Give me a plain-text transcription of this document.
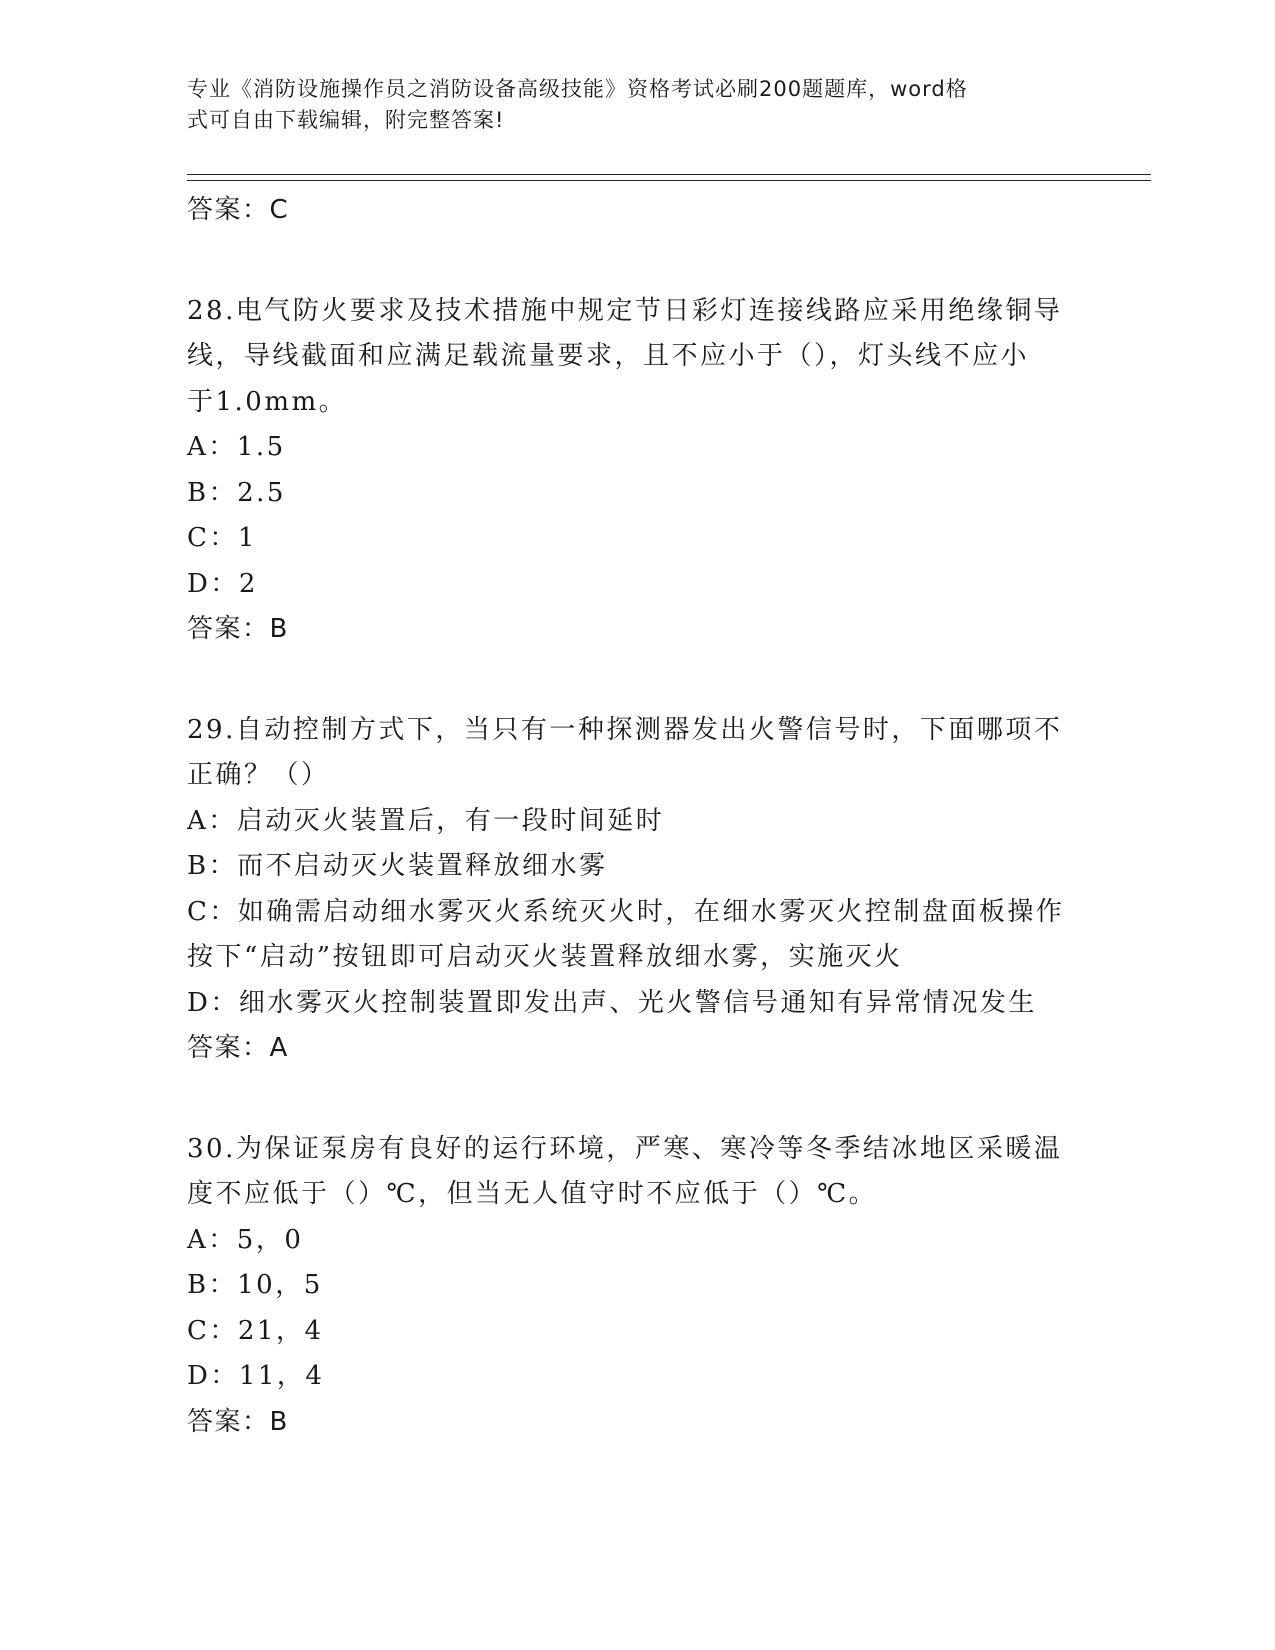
专业《消防设施操作员之消防设备高级技能》资格考试必刷200题题库，word格
式可自由下载编辑，附完整答案!
答案：C
28.电气防火要求及技术措施中规定节日彩灯连接线路应采用绝缘铜导
线，导线截面和应满足载流量要求，且不应小于（），灯头线不应小
于1.0mm。
A：1.5
B：2.5
C：1
D：2
答案：B
29.自动控制方式下，当只有一种探测器发出火警信号时，下面哪项不
正确？（）
A：启动灭火装置后，有一段时间延时
B：而不启动灭火装置释放细水雾
C：如确需启动细水雾灭火系统灭火时，在细水雾灭火控制盘面板操作
按下“启动”按钮即可启动灭火装置释放细水雾，实施灭火
D：细水雾灭火控制装置即发出声、光火警信号通知有异常情况发生
答案：A
30.为保证泵房有良好的运行环境，严寒、寒冷等冬季结冰地区采暖温
度不应低于（）℃，但当无人值守时不应低于（）℃。
A：5，0
B：10，5
C：21，4
D：11，4
答案：B
